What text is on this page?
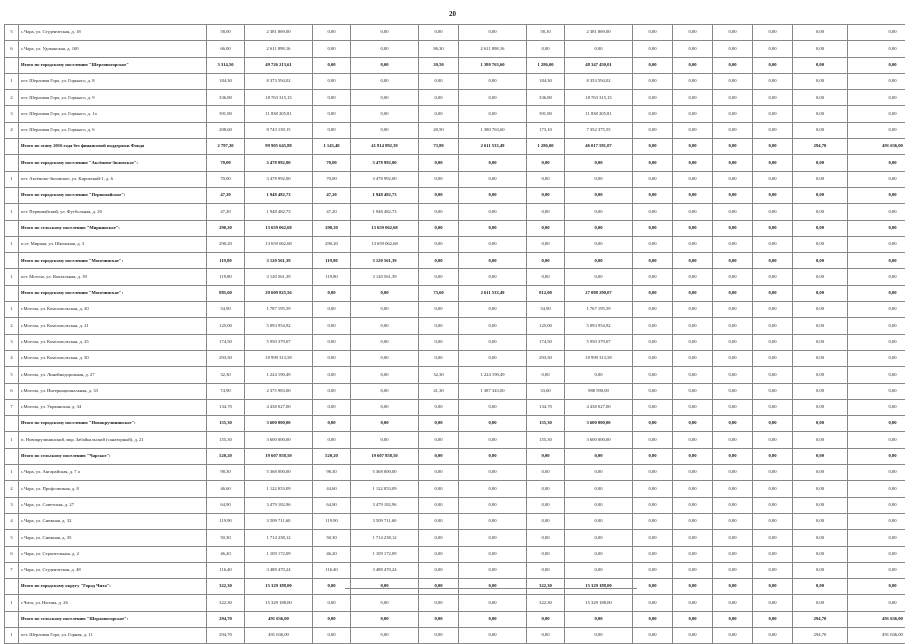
20
5	с.Чара, ул. Студенческая, д. 18	58,00	2 381 869,00	0,00	0,00	0,00	0,00	58,10	2 381 869,00	0,00	0,00	0,00	0,00	0,00	0,00
6	с.Чара, ул. Удоканская, д. 100	66,00	2 611 898,16	0,00	0,00	86,30	2 611 898,16	0,00	0,00	0,00	0,00	0,00	0,00	0,00	0,00
	Итого по городскому поселению "Шерловогорское"	3 314,50	49 726 213,61	0,00	0,00	20,50	1 380 763,60	1 286,00	48 347 450,01	0,00	0,00	0,00	0,00	0,00	0,00
1	пгт. Шерловая Гора, ул. Горького, д. 8	184,30	8 373 594,02	0,00	0,00	0,00	0,00	184,30	8 353 594,02	0,00	0,00	0,00	0,00	0,00	0,00
2	пгт. Шерловая Гора, ул. Горького, д. 9	336,80	18 763 315,15	0,00	0,00	0,00	0,00	336,80	18 763 315,15	0,00	0,00	0,00	0,00	0,00	0,00
3	пгт. Шерловая Гора, ул. Горького, д. 1а	391,80	11 838 205,81	0,00	0,00	0,00	0,00	391,80	11 838 205,81	0,00	0,00	0,00	0,00	0,00	0,00
4	пгт. Шерловая Гора, ул. Горького, д. 6	208,60	8 743 139,15	0,00	0,00	20,50	1 380 763,60	173,10	7 352 375,55	0,00	0,00	0,00	0,00	0,00	0,00
	Итого по этапу 2016 года без финансовой поддержки Фонда	2 797,20	99 905 645,88	1 143,40	41 814 892,39	73,80	2 611 533,49	1 286,00	46 017 581,07	0,00	0,00	0,00	0,00	294,70	491 636,00
	Итого по городскому поселению "Аксёново-Зиловское":	70,00	3 478 992,00	70,00	3 478 992,00	0,00	0,00	0,00	0,00	0,00	0,00	0,00	0,00	0,00	0,00
1	пгт. Аксёново-Зиловское, ул. Кировский-1, д. 6	70,00	3 478 992,00	70,00	3 478 992,00	0,00	0,00	0,00	0,00	0,00	0,00	0,00	0,00	0,00	0,00
	Итого по городскому поселению "Первомайское":	47,20	1 948 482,73	47,20	1 948 482,73	0,00	0,00	0,00	0,00	0,00	0,00	0,00	0,00	0,00	0,00
1	пгт. Первомайский, ул. Футбольная, д. 20	47,20	1 948 482,73	47,20	1 948 482,73	0,00	0,00	0,00	0,00	0,00	0,00	0,00	0,00	0,00	0,00
	Итого по сельскому поселению "Мирнинское":	290,20	13 659 062,68	290,20	13 659 062,68	0,00	0,00	0,00	0,00	0,00	0,00	0,00	0,00	0,00	0,00
1	п.ст. Мирная, ул. Школьная, д. 3	290,20	13 659 062,68	290,20	13 659 062,68	0,00	0,00	0,00	0,00	0,00	0,00	0,00	0,00	0,00	0,00
	Итого по городскому поселению "Могочинское":	119,80	3 120 561,39	119,80	3 120 561,39	0,00	0,00	0,00	0,00	0,00	0,00	0,00	0,00	0,00	0,00
1	пгт. Могоча, ул. Вокзальная, д. 39	119,80	3 120 561,39	119,80	3 120 561,39	0,00	0,00	0,00	0,00	0,00	0,00	0,00	0,00	0,00	0,00
	Итого по городскому поселению "Могочинское":	885,60	29 609 825,56	0,00	0,00	73,60	2 611 533,49	812,00	27 088 290,07	0,00	0,00	0,00	0,00	0,00	0,00
1	г.Могоча, ул. Комсомольская, д. 20	54,90	1 787 195,59	0,00	0,00	0,00	0,00	54,90	1 767 195,59	0,00	0,00	0,00	0,00	0,00	0,00
2	г.Могоча, ул. Комсомольская, д. 21	125,00	5 093 954,92	0,00	0,00	0,00	0,00	125,00	5 093 954,92	0,00	0,00	0,00	0,00	0,00	0,00
3	г.Могоча, ул. Комсомольская, д. 25	174,50	5 950 379,07	0,00	0,00	0,00	0,00	174,50	5 950 379,07	0,00	0,00	0,00	0,00	0,00	0,00
4	г.Могоча, ул. Комсомольская, д. 30	293,50	10 999 313,58	0,00	0,00	0,00	0,00	293,50	10 999 313,58	0,00	0,00	0,00	0,00	0,00	0,00
5	г.Могоча, ул. Линейнодорожная, д. 27	32,30	1 224 190,49	0,00	0,00	32,30	1 224 190,49	0,00	0,00	0,00	0,00	0,00	0,00	0,00	0,00
6	г.Могоча, ул. Интернациональная, д. 33	74,90	2 375 983,00	0,00	0,00	41,30	1 387 343,00	33,60	988 590,00	0,00	0,00	0,00	0,00	0,00	0,00
7	г.Могоча, ул. Украинская, д. 34	134,70	4 438 027,00	0,00	0,00	0,00	0,00	134,70	4 438 027,00	0,00	0,00	0,00	0,00	0,00	0,00
	Итого по городскому поселению "Новокручининское":	155,30	3 600 000,00	0,00	0,00	0,00	0,00	155,30	3 600 000,00	0,00	0,00	0,00	0,00	0,00	0,00
1	п. Новокручининский, мкр. Забайкальский (санаторный), д. 21	155,30	3 600 000,00	0,00	0,00	0,00	0,00	155,30	3 600 000,00	0,00	0,00	0,00	0,00	0,00	0,00
	Итого по сельскому поселению "Чарское":	520,20	19 607 858,50	520,20	19 607 858,50	0,00	0,00	0,00	0,00	0,00	0,00	0,00	0,00	0,00	0,00
1	с.Чара, ул. Ангарайская, д. 7 а	98,30	5 368 000,00	98,30	5 368 000,00	0,00	0,00	0,00	0,00	0,00	0,00	0,00	0,00	0,00	0,00
2	с.Чара, ул. Профсоюзная, д. 8	46,60	1 122 053,09	44,60	1 122 053,09	0,00	0,00	0,00	0,00	0,00	0,00	0,00	0,00	0,00	0,00
3	с.Чара, ул. Советская, д. 27	64,90	3 479 182,96	64,90	3 479 182,96	0,00	0,00	0,00	0,00	0,00	0,00	0,00	0,00	0,00	0,00
4	с.Чара, ул. Снежная, д. 32	119,90	3 509 711,60	119,90	3 509 711,60	0,00	0,00	0,00	0,00	0,00	0,00	0,00	0,00	0,00	0,00
5	с.Чара, ул. Снежная, д. 35	50,30	1 714 238,12	50,30	1 714 238,12	0,00	0,00	0,00	0,00	0,00	0,00	0,00	0,00	0,00	0,00
6	с.Чара, ул. Строительная, д. 2	46,20	1 109 172,09	46,20	1 109 172,09	0,00	0,00	0,00	0,00	0,00	0,00	0,00	0,00	0,00	0,00
7	с.Чара, ул. Студенческая, д. 48	116,40	3 488 470,24	116,40	3 488 470,24	0,00	0,00	0,00	0,00	0,00	0,00	0,00	0,00	0,00	0,00
	Итого по городскому округу "Город Чита":	322,30	15 329 188,00	0,00	0,00	0,00	0,00	322,30	15 329 188,00	0,00	0,00	0,00	0,00	0,00	0,00
1	г.Чита, ул. Негина, д. 26	322,30	15 329 188,00	0,00	0,00	0,00	0,00	322,30	15 329 188,00	0,00	0,00	0,00	0,00	0,00	0,00
	Итого по сельскому поселению "Шерловогорское":	294,70	491 636,00	0,00	0,00	0,00	0,00	0,00	0,00	0,00	0,00	0,00	0,00	294,70	491 636,00
1	пгт. Шерловая Гора, ул. Горная, д. 11	294,70	491 636,00	0,00	0,00	0,00	0,00	0,00	0,00	0,00	0,00	0,00	0,00	294,70	491 636,00
